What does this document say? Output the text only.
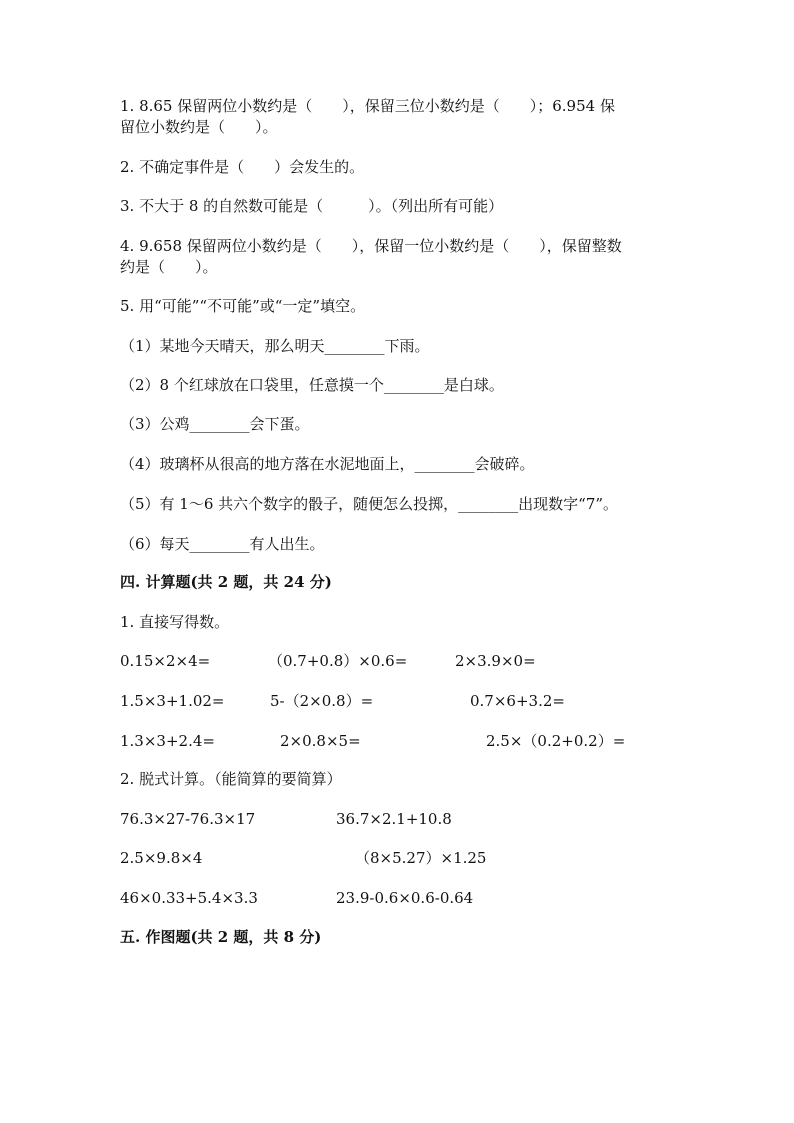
1. 8.65 保留两位小数约是（　　），保留三位小数约是（　　）；6.954 保
留位小数约是（　　）。
2. 不确定事件是（　　）会发生的。
3. 不大于 8 的自然数可能是（　　　）。（列出所有可能）
4. 9.658 保留两位小数约是（　　），保留一位小数约是（　　），保留整数
约是（　　）。
5. 用“可能”“不可能”或“一定”填空。
（1）某地今天晴天，那么明天________下雨。
（2）8 个红球放在口袋里，任意摸一个________是白球。
（3）公鸡________会下蛋。
（4）玻璃杯从很高的地方落在水泥地面上，________会破碎。
（5）有 1～6 共六个数字的骰子，随便怎么投掷，________出现数字“7”。
（6）每天________有人出生。
四. 计算题(共 2 题，共 24 分)
1. 直接写得数。
0.15×2×4=	（0.7+0.8）×0.6=	2×3.9×0=
1.5×3+1.02=	5-（2×0.8）=	0.7×6+3.2=
1.3×3+2.4=	2×0.8×5=	2.5×（0.2+0.2）=
2. 脱式计算。（能简算的要简算）
76.3×27-76.3×17	36.7×2.1+10.8
2.5×9.8×4	（8×5.27）×1.25
46×0.33+5.4×3.3	23.9-0.6×0.6-0.64
五. 作图题(共 2 题，共 8 分)
